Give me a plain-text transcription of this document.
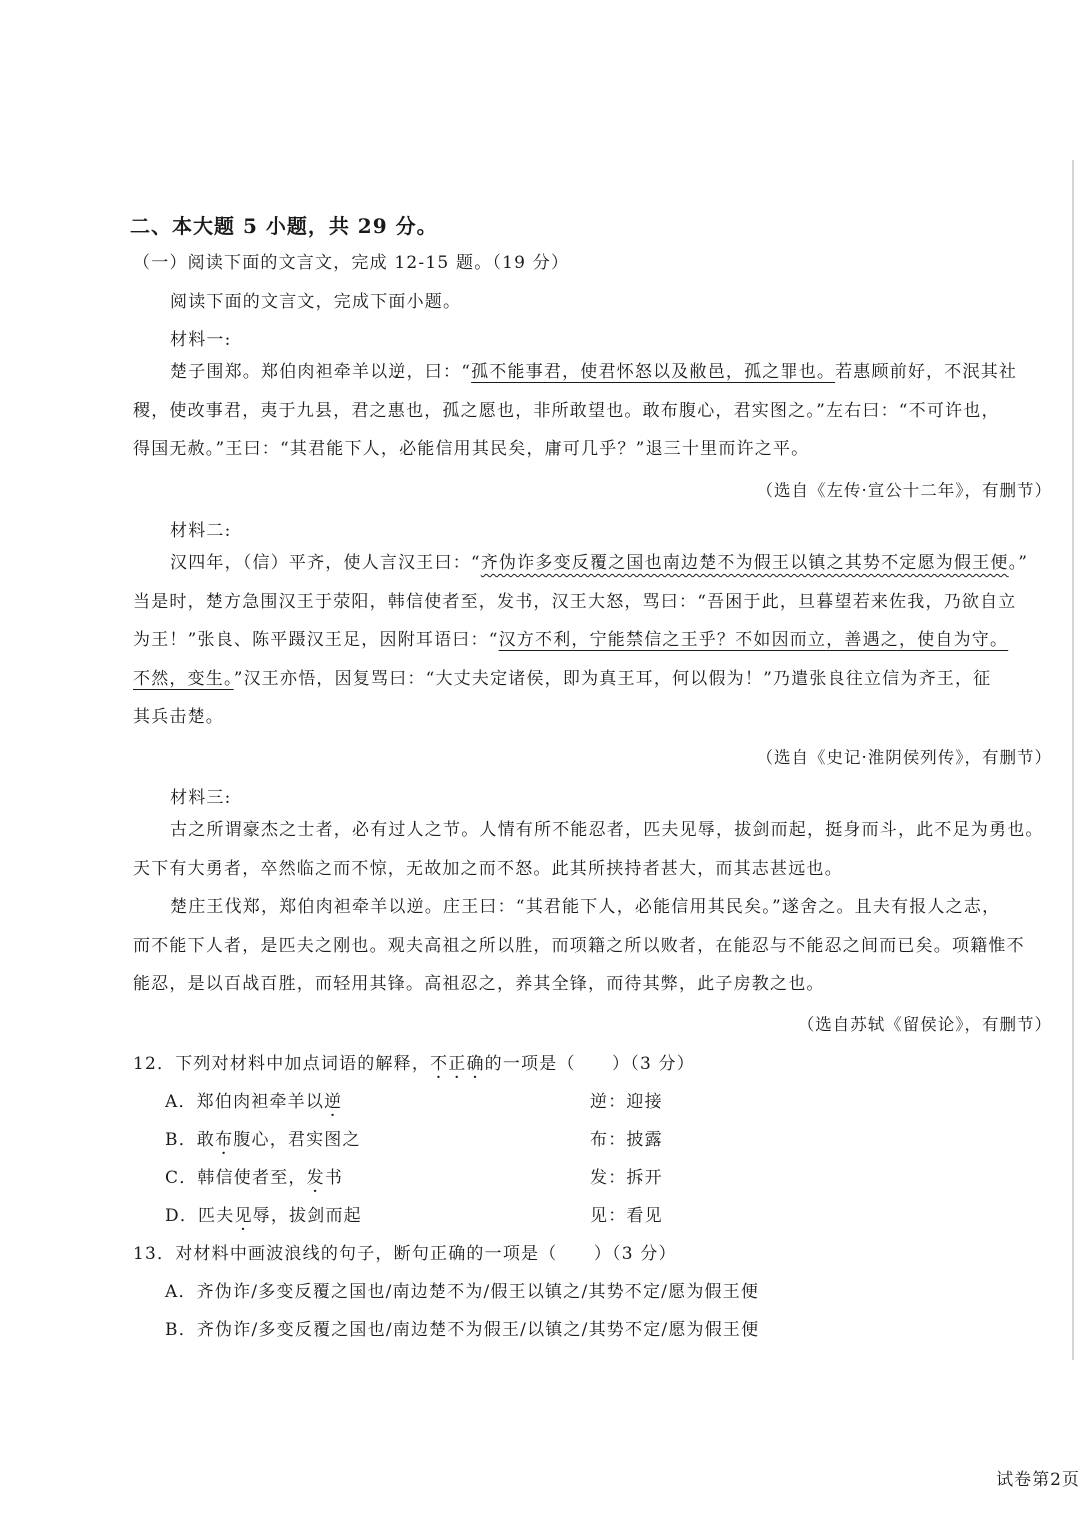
二、本大题 5 小题，共 29 分。
（一）阅读下面的文言文，完成 12-15 题。（19 分）
阅读下面的文言文，完成下面小题。
材料一:
楚子围郑。郑伯肉袒牵羊以逆 ·，曰：“孤不能事君，使君怀怒以及敝邑，孤之罪也。若惠顾前好，不泯其社
稷，使改事君，夷于九县，君之惠也，孤之愿也，非所敢望也。敢布腹心，君实图之。”左右曰：“不可许也，
得国无赦。”王曰：“其君能下人，必能信用其民矣，庸可几乎？”退三十里而许之平。
（选自《左传·宣公十二年》，有删节）
材料二:
汉四年，（信）平齐，使人言汉王曰：“齐伪诈多变反覆之国也南边楚不为假王以镇之其势不定愿为假王便。”
当是时，楚方急围汉王于荥阳，韩信使者至，发书，汉王大怒，骂曰：“吾困于此，旦暮望若来佐我，乃欲自立
为王！”张良、陈平蹑汉王足，因附耳语曰：“汉方不利，宁能禁信之王乎？不如因而立，善遇之，使自为守。
不然，变生。”汉王亦悟，因复骂曰：“大丈夫定诸侯，即为真王耳，何以假为！”乃遣张良往立信为齐王，征
其兵击楚。
（选自《史记·淮阴侯列传》，有删节）
材料三:
古之所谓豪杰之士者，必有过人之节。人情有所不能忍者，匹夫见辱，拔剑而起，挺身而斗，此不足为勇也。
天下有大勇者，卒然临之而不惊，无故加之而不怒。此其所挟持者甚大，而其志甚远也。
楚庄王伐郑，郑伯肉袒牵羊以逆。庄王曰：“其君能下人，必能信用其民矣。”遂舍之。且夫有报人之志，
而不能下人者，是匹夫之刚也。观夫高祖之所以胜，而项籍之所以败者，在能忍与不能忍之间而已矣。项籍惟不
能忍，是以百战百胜，而轻用其锋。高祖忍之，养其全锋，而待其弊，此子房教之也。
（选自苏轼《留侯论》，有删节）
12．下列对材料中加点词语的解释，不正确的一项是（　　）（3 分）
A．郑伯肉袒牵羊以逆	逆：迎接
B．敢布腹心，君实图之	布：披露
C．韩信使者至，发书	发：拆开
D．匹夫见辱，拔剑而起	见：看见
13．对材料中画波浪线的句子，断句正确的一项是（　　）（3 分）
A．齐伪诈/多变反覆之国也/南边楚不为/假王以镇之/其势不定/愿为假王便
B．齐伪诈/多变反覆之国也/南边楚不为假王/以镇之/其势不定/愿为假王便
试卷第2页
